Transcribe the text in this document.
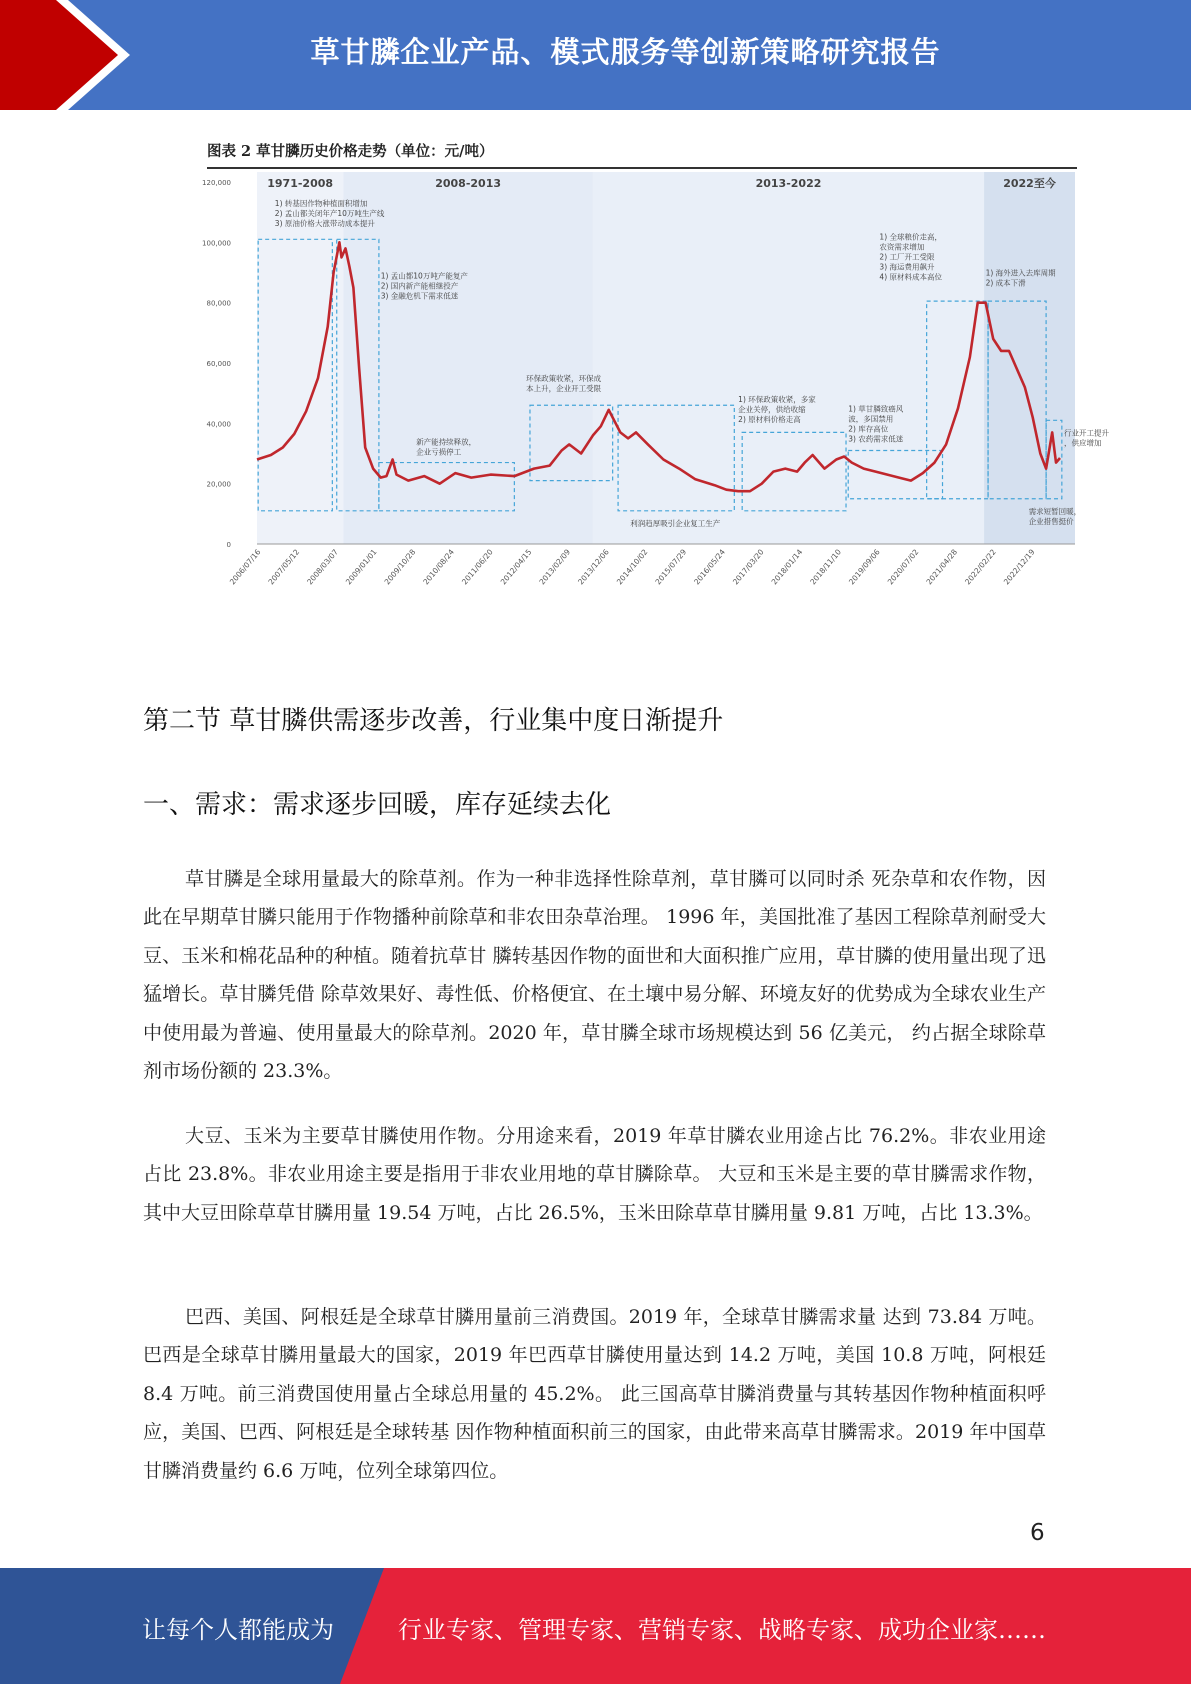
草甘膦企业产品、模式服务等创新策略研究报告
图表 2 草甘膦历史价格走势（单位：元/吨）
1971-2008	2008-2013	2013-2022	2022至今
0
20,000
40,000
60,000
80,000
100,000
120,000
2006/07/16 2007/05/12 2008/03/07 2009/01/01 2009/10/28 2010/08/24 2011/06/20 2012/04/15 2013/02/09 2013/12/06 2014/10/02 2015/07/29 2016/05/24 2017/03/20 2018/01/14 2018/11/10 2019/09/06 2020/07/02 2021/04/28 2022/02/22 2022/12/19
1) 转基因作物种植面积增加 2) 孟山都关闭年产10万吨生产线 3) 原油价格大涨带动成本提升
1) 孟山都10万吨产能复产 2) 国内新产能相继投产 3) 金融危机下需求低迷
新产能持续释放，企业亏损停工
环保政策收紧，环保成本上升，企业开工受限
利润趋厚吸引企业复工生产
1) 环保政策收紧，多家企业关停，供给收缩 2) 原材料价格走高
1) 草甘膦致癌风波，多国禁用 2) 库存高位 3) 农药需求低迷
1) 全球粮价走高，农资需求增加 2) 工厂开工受限 3) 海运费用飙升 4) 原材料成本高位	1) 海外进入去库周期 2) 成本下滑
行业开工提升，供应增加
需求短暂回暖，企业措售挺价
第二节 草甘膦供需逐步改善，行业集中度日渐提升
一、需求：需求逐步回暖，库存延续去化

草甘膦是全球用量最大的除草剂。作为一种非选择性除草剂，草甘膦可以同时杀 死杂草和农作物，因此在早期草甘膦只能用于作物播种前除草和非农田杂草治理。 1996 年，美国批准了基因工程除草剂耐受大豆、玉米和棉花品种的种植。随着抗草甘 膦转基因作物的面世和大面积推广应用，草甘膦的使用量出现了迅猛增长。草甘膦凭借 除草效果好、毒性低、价格便宜、在土壤中易分解、环境友好的优势成为全球农业生产 中使用最为普遍、使用量最大的除草剂。2020 年，草甘膦全球市场规模达到 56 亿美元， 约占据全球除草剂市场份额的 23.3%。

大豆、玉米为主要草甘膦使用作物。分用途来看，2019 年草甘膦农业用途占比 76.2%。非农业用途占比 23.8%。非农业用途主要是指用于非农业用地的草甘膦除草。 大豆和玉米是主要的草甘膦需求作物，其中大豆田除草草甘膦用量 19.54 万吨，占比 26.5%，玉米田除草草甘膦用量 9.81 万吨，占比 13.3%。

巴西、美国、阿根廷是全球草甘膦用量前三消费国。2019 年，全球草甘膦需求量 达到 73.84 万吨。巴西是全球草甘膦用量最大的国家，2019 年巴西草甘膦使用量达到 14.2 万吨，美国 10.8 万吨，阿根廷 8.4 万吨。前三消费国使用量占全球总用量的 45.2%。 此三国高草甘膦消费量与其转基因作物种植面积呼应，美国、巴西、阿根廷是全球转基 因作物种植面积前三的国家，由此带来高草甘膦需求。2019 年中国草甘膦消费量约 6.6 万吨，位列全球第四位。

6
让每个人都能成为	行业专家、管理专家、营销专家、战略专家、成功企业家……
